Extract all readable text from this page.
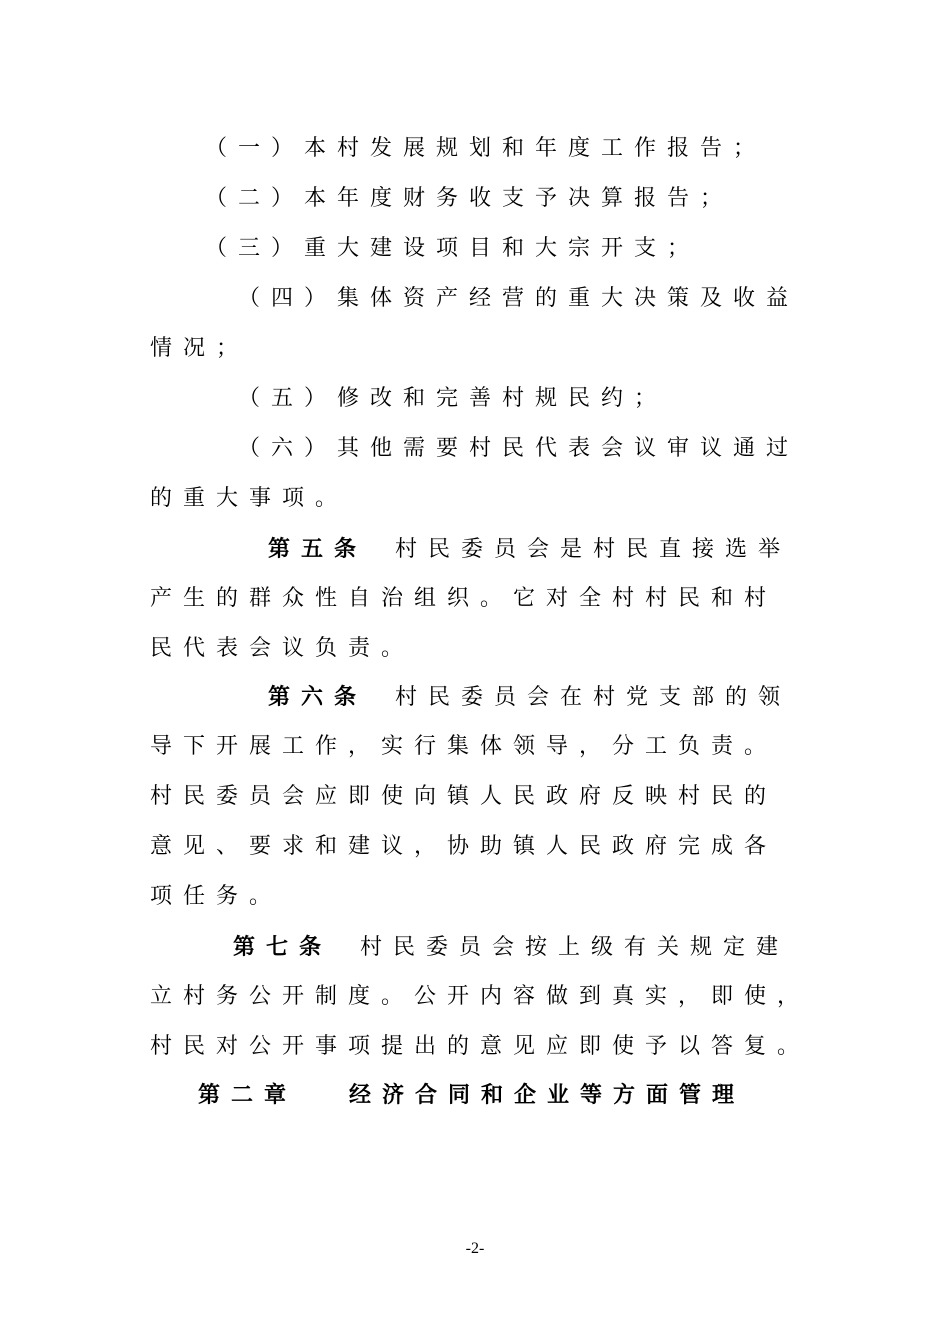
（一）本村发展规划和年度工作报告；
（二）本年度财务收支予决算报告；
（三）重大建设项目和大宗开支；
（四）集体资产经营的重大决策及收益
情况；
（五）修改和完善村规民约；
（六）其他需要村民代表会议审议通过
的重大事项。
第五条 村民委员会是村民直接选举
产生的群众性自治组织。它对全村村民和村
民代表会议负责。
第六条 村民委员会在村党支部的领
导下开展工作，实行集体领导，分工负责。
村民委员会应即使向镇人民政府反映村民的
意见、要求和建议，协助镇人民政府完成各
项任务。
第七条 村民委员会按上级有关规定建
立村务公开制度。公开内容做到真实，即使，
村民对公开事项提出的意见应即使予以答复。
第二章 经济合同和企业等方面管理
-2-
